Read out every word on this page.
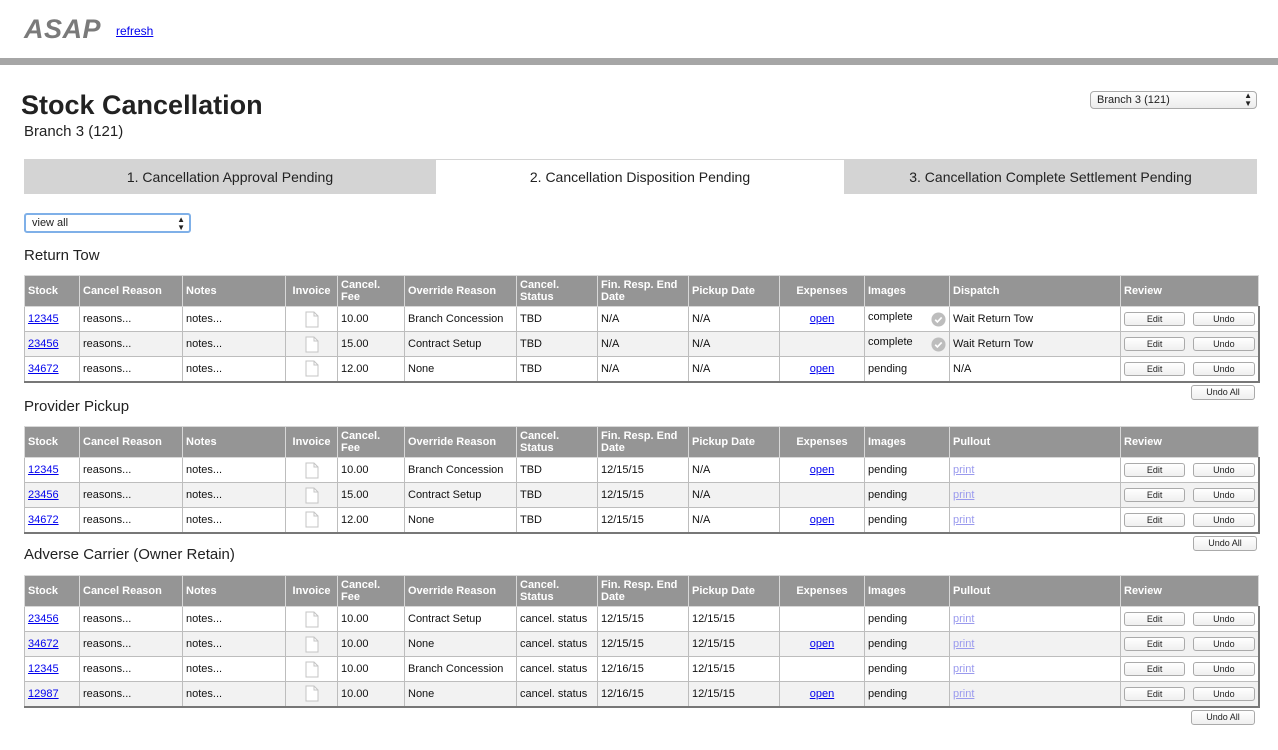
ASAP refresh
Stock Cancellation
Branch 3 (121)
Branch 3 (121)	▲
▼
1. Cancellation Approval Pending	2. Cancellation Disposition Pending	3. Cancellation Complete Settlement Pending
view all	▲
▼
Return Tow
Provider Pickup
Adverse Carrier (Owner Retain)
Stock	Cancel Reason	Notes	Invoice	Cancel. Fee	Override Reason	Cancel. Status	Fin. Resp. End Date	Pickup Date	Expenses	Images	Dispatch	Review
12345	reasons...	notes...		10.00	Branch Concession	TBD	N/A	N/A	open	complete	Wait Return Tow	Edit Undo

23456	reasons...	notes...		15.00	Contract Setup	TBD	N/A	N/A		complete	Wait Return Tow	Edit Undo

34672	reasons...	notes...		12.00	None	TBD	N/A	N/A	open	pending	N/A	Edit Undo
Stock	Cancel Reason	Notes	Invoice	Cancel. Fee	Override Reason	Cancel. Status	Fin. Resp. End Date	Pickup Date	Expenses	Images	Pullout	Review
12345	reasons...	notes...		10.00	Branch Concession	TBD	12/15/15	N/A	open	pending	print	Edit Undo

23456	reasons...	notes...		15.00	Contract Setup	TBD	12/15/15	N/A		pending	print	Edit Undo

34672	reasons...	notes...		12.00	None	TBD	12/15/15	N/A	open	pending	print	Edit Undo
Stock	Cancel Reason	Notes	Invoice	Cancel. Fee	Override Reason	Cancel. Status	Fin. Resp. End Date	Pickup Date	Expenses	Images	Pullout	Review
23456	reasons...	notes...		10.00	Contract Setup	cancel. status	12/15/15	12/15/15		pending	print	Edit Undo

34672	reasons...	notes...		10.00	None	cancel. status	12/15/15	12/15/15	open	pending	print	Edit Undo

12345	reasons...	notes...		10.00	Branch Concession	cancel. status	12/16/15	12/15/15		pending	print	Edit Undo

12987	reasons...	notes...		10.00	None	cancel. status	12/16/15	12/15/15	open	pending	print	Edit Undo
Undo All
Undo All
Undo All
